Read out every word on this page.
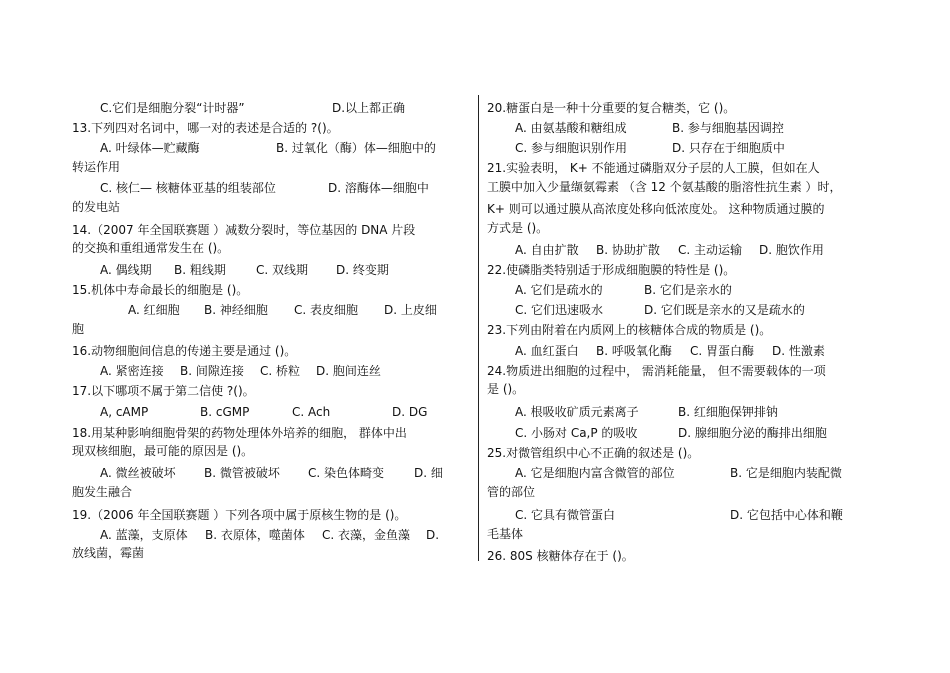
C.它们是细胞分裂“计时器”	D.以上都正确
13.下列四对名词中，哪一对的表述是合适的 ?()。
A. 叶绿体—贮藏酶	B. 过氧化（酶）体—细胞中的
转运作用
C. 核仁— 核糖体亚基的组装部位	D. 溶酶体—细胞中
的发电站
14.（2007 年全国联赛题 ）减数分裂时，等位基因的 DNA 片段
的交换和重组通常发生在 ()。
A. 偶线期 B. 粗线期	C. 双线期 D. 终变期
15.机体中寿命最长的细胞是 ()。
A. 红细胞 B. 神经细胞 C. 表皮细胞 D. 上皮细
胞
16.动物细胞间信息的传递主要是通过 ()。
A. 紧密连接 B. 间隙连接 C. 桥粒 D. 胞间连丝
17.以下哪项不属于第二信使 ?()。
A, cAMP	B. cGMP	C. Ach	D. DG
18.用某种影响细胞骨架的药物处理体外培养的细胞， 群体中出
现双核细胞，最可能的原因是 ()。
A. 微丝被破坏 B. 微管被破坏 C. 染色体畸变 D. 细
胞发生融合
19.（2006 年全国联赛题 ）下列各项中属于原核生物的是 ()。
A. 蓝藻，支原体 B. 衣原体，噬菌体 C. 衣藻，金鱼藻 D.
放线菌，霉菌
20.糖蛋白是一种十分重要的复合糖类，它 ()。
A. 由氨基酸和糖组成	B. 参与细胞基因调控
C. 参与细胞识别作用	D. 只存在于细胞质中
21.实验表明， K+ 不能通过磷脂双分子层的人工膜，但如在人
工膜中加入少量缬氨霉素 （含 12 个氨基酸的脂溶性抗生素 ）时，
K+ 则可以通过膜从高浓度处移向低浓度处。 这种物质通过膜的
方式是 ()。
A. 自由扩散 B. 协助扩散 C. 主动运输 D. 胞饮作用
22.使磷脂类特别适于形成细胞膜的特性是 ()。
A. 它们是疏水的	B. 它们是亲水的
C. 它们迅速吸水	D. 它们既是亲水的又是疏水的
23.下列由附着在内质网上的核糖体合成的物质是 ()。
A. 血红蛋白 B. 呼吸氧化酶 C. 胃蛋白酶 D. 性激素
24.物质进出细胞的过程中， 需消耗能量， 但不需要载体的一项
是 ()。
A. 根吸收矿质元素离子	B. 红细胞保钾排钠
C. 小肠对 Ca,P 的吸收	D. 腺细胞分泌的酶排出细胞
25.对微管组织中心不正确的叙述是 ()。
A. 它是细胞内富含微管的部位	B. 它是细胞内装配微
管的部位
C. 它具有微管蛋白	D. 它包括中心体和鞭
毛基体
26. 80S 核糖体存在于 ()。
